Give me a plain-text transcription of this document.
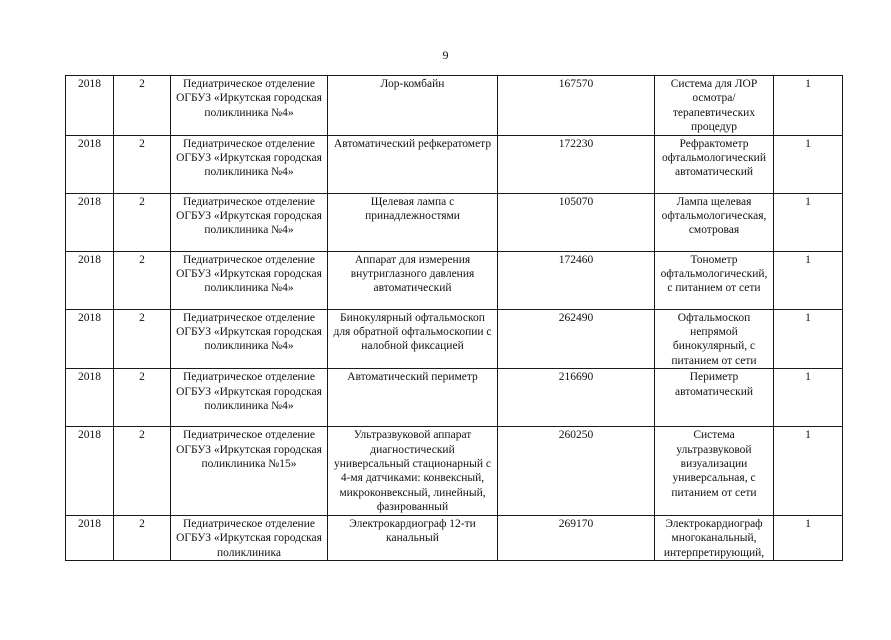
9
2018	2	Педиатрическое отделение ОГБУЗ «Иркутская городская поликлиника №4»	Лор-комбайн	167570	Система для ЛОР осмотра/ терапевтических процедур	1
2018	2	Педиатрическое отделение ОГБУЗ «Иркутская городская поликлиника №4»	Автоматический рефкератометр	172230	Рефрактометр офтальмологический автоматический	1
2018	2	Педиатрическое отделение ОГБУЗ «Иркутская городская поликлиника №4»	Щелевая лампа с принадлежностями	105070	Лампа щелевая офтальмологическая, смотровая	1
2018	2	Педиатрическое отделение ОГБУЗ «Иркутская городская поликлиника №4»	Аппарат для измерения внутриглазного давления автоматический	172460	Тонометр офтальмологический, с питанием от сети	1
2018	2	Педиатрическое отделение ОГБУЗ «Иркутская городская поликлиника №4»	Бинокулярный офтальмоскоп для обратной офтальмоскопии с налобной фиксацией	262490	Офтальмоскоп непрямой бинокулярный, с питанием от сети	1
2018	2	Педиатрическое отделение ОГБУЗ «Иркутская городская поликлиника №4»	Автоматический периметр	216690	Периметр автоматический	1
2018	2	Педиатрическое отделение ОГБУЗ «Иркутская городская поликлиника №15»	Ультразвуковой аппарат диагностический универсальный стационарный с 4-мя датчиками: конвексный, микроконвексный, линейный, фазированный	260250	Система ультразвуковой визуализации универсальная, с питанием от сети	1
2018	2	Педиатрическое отделение ОГБУЗ «Иркутская городская поликлиника	Электрокардиограф 12-ти канальный	269170	Электрокардиограф многоканальный, интерпретирующий,	1
